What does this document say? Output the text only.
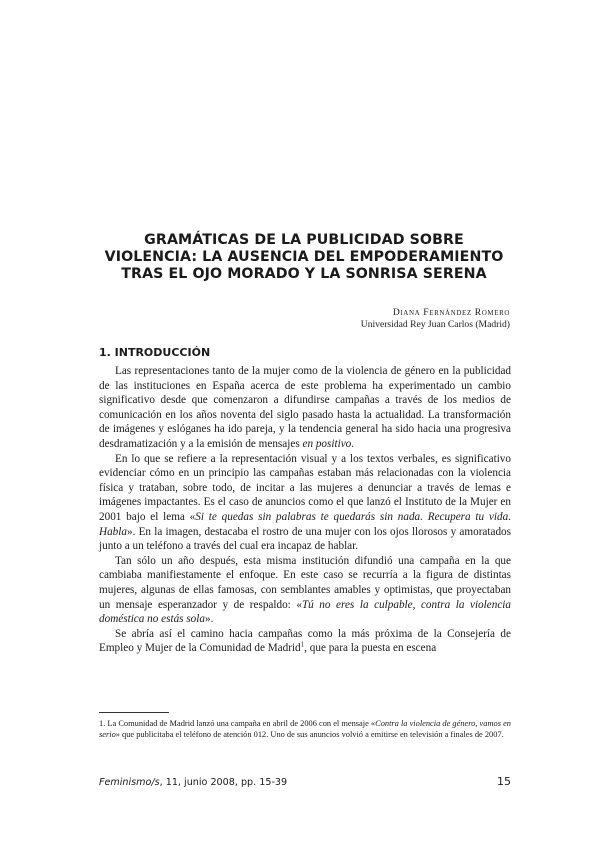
GRAMÁTICAS DE LA PUBLICIDAD SOBRE
VIOLENCIA: LA AUSENCIA DEL EMPODERAMIENTO
TRAS EL OJO MORADO Y LA SONRISA SERENA
Diana Fernández Romero
Universidad Rey Juan Carlos (Madrid)
1. INTRODUCCIÓN

Las representaciones tanto de la mujer como de la violencia de género en la publicidad de las instituciones en España acerca de este problema ha experimentado un cambio significativo desde que comenzaron a difundirse campañas a través de los medios de comunicación en los años noventa del siglo pasado hasta la actualidad. La transformación de imágenes y eslóganes ha ido pareja, y la tendencia general ha sido hacia una progresiva desdramatización y a la emisión de mensajes en positivo.

En lo que se refiere a la representación visual y a los textos verbales, es significativo evidenciar cómo en un principio las campañas estaban más relacionadas con la violencia física y trataban, sobre todo, de incitar a las mujeres a denunciar a través de lemas e imágenes impactantes. Es el caso de anuncios como el que lanzó el Instituto de la Mujer en 2001 bajo el lema «Si te quedas sin palabras te quedarás sin nada. Recupera tu vida. Habla». En la imagen, destacaba el rostro de una mujer con los ojos llorosos y amoratados junto a un teléfono a través del cual era incapaz de hablar.

Tan sólo un año después, esta misma institución difundió una campaña en la que cambiaba manifiestamente el enfoque. En este caso se recurría a la figura de distintas mujeres, algunas de ellas famosas, con semblantes amables y optimistas, que proyectaban un mensaje esperanzador y de respaldo: «Tú no eres la culpable, contra la violencia doméstica no estás sola».

Se abría así el camino hacia campañas como la más próxima de la Consejería de Empleo y Mujer de la Comunidad de Madrid$^1$, que para la puesta en escena

1. La Comunidad de Madrid lanzó una campaña en abril de 2006 con el mensaje «Contra la violencia de género, vamos en serio» que publicitaba el teléfono de atención 012. Uno de sus anuncios volvió a emitirse en televisión a finales de 2007.

Feminismo/s, 11, junio 2008, pp. 15-39	15
